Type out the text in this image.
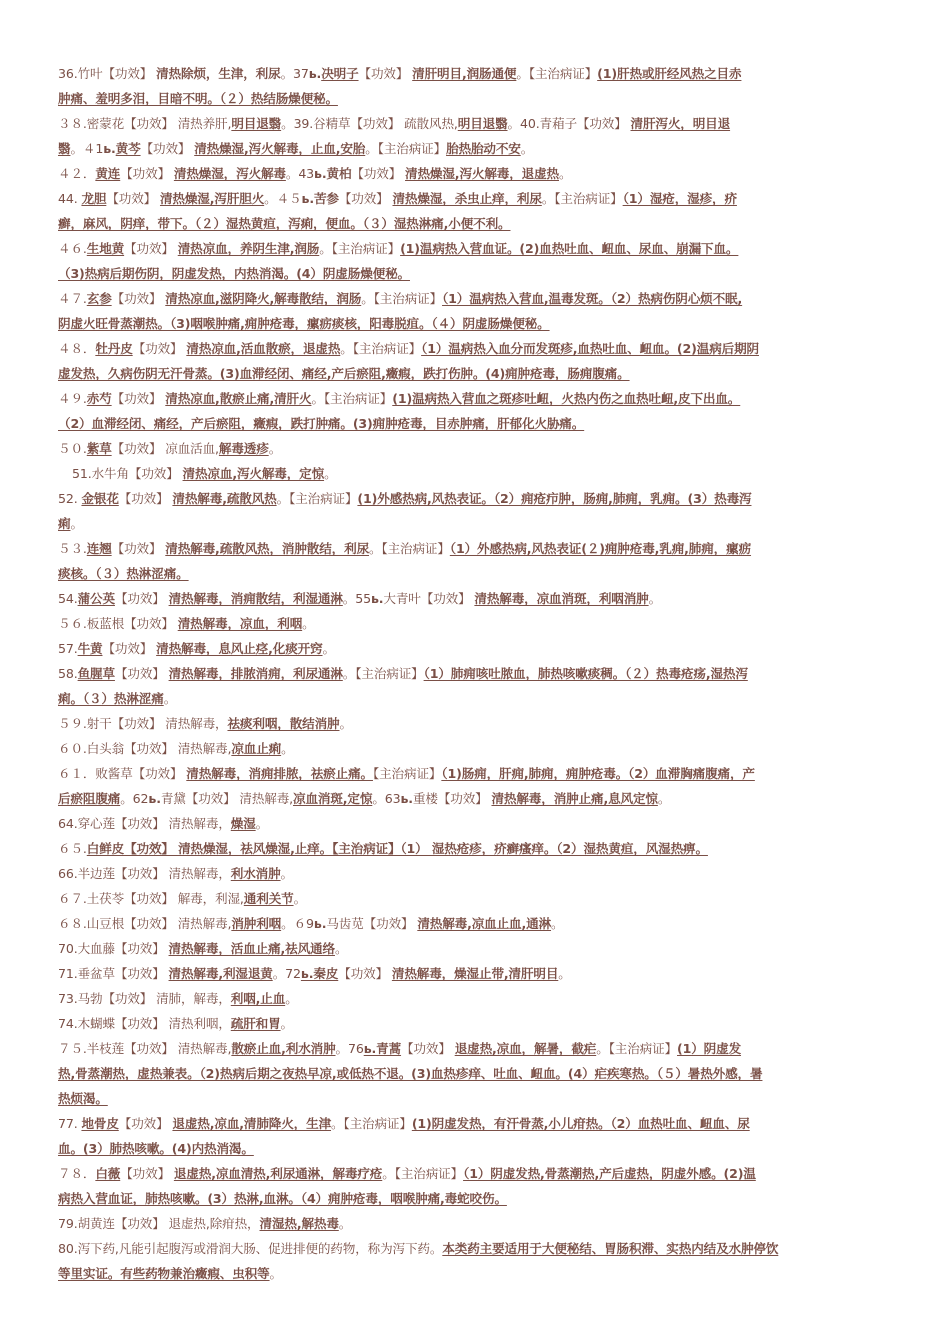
36.竹叶【功效】 清热除烦，生津，利尿。37ь.决明子【功效】 清肝明目,润肠通便。【主治病证】(1)肝热或肝经风热之目赤
肿痛、羞明多泪，目暗不明。（２）热结肠燥便秘。
３８.密蒙花【功效】 清热养肝,明目退翳。39.谷精草【功效】 疏散风热,明目退翳。40.青葙子【功效】 清肝泻火，明目退
翳。４1ь.黄芩【功效】 清热燥湿,泻火解毒，止血,安胎。【主治病证】胎热胎动不安。
４２．黄连【功效】 清热燥湿，泻火解毒。43ь.黄柏【功效】 清热燥湿,泻火解毒，退虚热。
44. 龙胆【功效】 清热燥湿,泻肝胆火。４５ь.苦参【功效】 清热燥湿，杀虫止痒，利尿。【主治病证】（1）湿疮，湿疹，疥
癣，麻风，阴痒，带下。（２）湿热黄疸，泻痢，便血。（３）湿热淋痛,小便不利。
４６.生地黄【功效】 清热凉血，养阴生津,润肠。【主治病证】(1)温病热入营血证。(2)血热吐血、衄血、尿血、崩漏下血。
（3)热病后期伤阴，阴虚发热，内热消渴。(4）阴虚肠燥便秘。
４７.玄参【功效】 清热凉血,滋阴降火,解毒散结，润肠。【主治病证】（1）温病热入营血,温毒发斑。（2）热病伤阴心烦不眠,
阴虚火旺骨蒸潮热。（3)咽喉肿痛,痈肿疮毒，瘰疬痰核，阳毒脱疽。（４）阴虚肠燥便秘。
４８．牡丹皮【功效】 清热凉血,活血散瘀，退虚热。【主治病证】（1）温病热入血分而发斑疹,血热吐血、衄血。(2)温病后期阴
虚发热，久病伤阴无汗骨蒸。(3)血滞经闭、痛经,产后瘀阻,癥瘕，跌打伤肿。(4)痈肿疮毒，肠痈腹痛。
４９.赤芍【功效】 清热凉血,散瘀止痛,清肝火。【主治病证】(1)温病热入营血之斑疹吐衄，火热内伤之血热吐衄,皮下出血。
（2）血滞经闭、痛经，产后瘀阻，癥瘕，跌打肿痛。(3)痈肿疮毒，目赤肿痛，肝郁化火胁痛。
５０.紫草【功效】 凉血活血,解毒透疹。
51.水牛角【功效】 清热凉血,泻火解毒，定惊。
52. 金银花【功效】 清热解毒,疏散风热。【主治病证】(1)外感热病,风热表证。（2）痈疮疖肿，肠痈,肺痈，乳痈。(3）热毒泻
痢。
５３.连翘【功效】 清热解毒,疏散风热，消肿散结，利尿。【主治病证】（1）外感热病,风热表证(２)痈肿疮毒,乳痈,肺痈，瘰疬
痰核。（３）热淋涩痛。
54.蒲公英【功效】 清热解毒，消痈散结，利湿通淋。55ь.大青叶【功效】 清热解毒，凉血消斑，利咽消肿。
５６.板蓝根【功效】 清热解毒，凉血，利咽。
57.牛黄【功效】 清热解毒，息风止痉,化痰开窍。
58.鱼腥草【功效】 清热解毒，排脓消痈，利尿通淋。【主治病证】（1）肺痈咳吐脓血，肺热咳嗽痰稠。（２）热毒疮疡,湿热泻
痢。（３）热淋涩痛。
５９.射干【功效】 清热解毒，祛痰利咽，散结消肿。
６０.白头翁【功效】 清热解毒,凉血止痢。
６１．败酱草【功效】 清热解毒，消痈排脓，祛瘀止痛。【主治病证】（1)肠痈，肝痈,肺痈，痈肿疮毒。（2）血滞胸痛腹痛，产
后瘀阻腹痛。62ь.青黛【功效】 清热解毒,凉血消斑,定惊。63ь.重楼【功效】 清热解毒，消肿止痛,息风定惊。
64.穿心莲【功效】 清热解毒，燥湿。
６５.白鲜皮【功效】 清热燥湿，祛风燥湿,止痒。【主治病证】（1） 湿热疮疹，疥癣瘙痒。（2）湿热黄疸，风湿热痹。
66.半边莲【功效】 清热解毒，利水消肿。
６７.土茯苓【功效】 解毒，利湿,通利关节。
６８.山豆根【功效】 清热解毒,消肿利咽。６9ь.马齿苋【功效】 清热解毒,凉血止血,通淋。
70.大血藤【功效】 清热解毒，活血止痛,祛风通络。
71.垂盆草【功效】 清热解毒,利湿退黄。72ь.秦皮【功效】 清热解毒，燥湿止带,清肝明目。
73.马勃【功效】 清肺，解毒，利咽,止血。
74.木蝴蝶【功效】 清热利咽，疏肝和胃。
７５.半枝莲【功效】 清热解毒,散瘀止血,利水消肿。76ь.青蒿【功效】 退虚热,凉血，解暑，截疟。【主治病证】(1）阴虚发
热,骨蒸潮热，虚热兼表。（2)热病后期之夜热早凉,或低热不退。(3)血热疹痒、吐血、衄血。(4）疟疾寒热。（５）暑热外感，暑
热烦渴。
77. 地骨皮【功效】 退虚热,凉血,清肺降火，生津。【主治病证】(1)阴虚发热，有汗骨蒸,小儿疳热。（2）血热吐血、衄血、尿
血。(3）肺热咳嗽。(4)内热消渴。
７８．白薇【功效】 退虚热,凉血清热,利尿通淋，解毒疗疮。【主治病证】（1）阴虚发热,骨蒸潮热,产后虚热，阴虚外感。(2)温
病热入营血证，肺热咳嗽。(3）热淋,血淋。（4）痈肿疮毒，咽喉肿痛,毒蛇咬伤。
79.胡黄连【功效】 退虚热,除疳热，清湿热,解热毒。
80.泻下药,凡能引起腹泻或滑润大肠、促进排便的药物，称为泻下药。本类药主要适用于大便秘结、胃肠积滞、实热内结及水肿停饮
等里实证。有些药物兼治癥瘕、虫积等。
